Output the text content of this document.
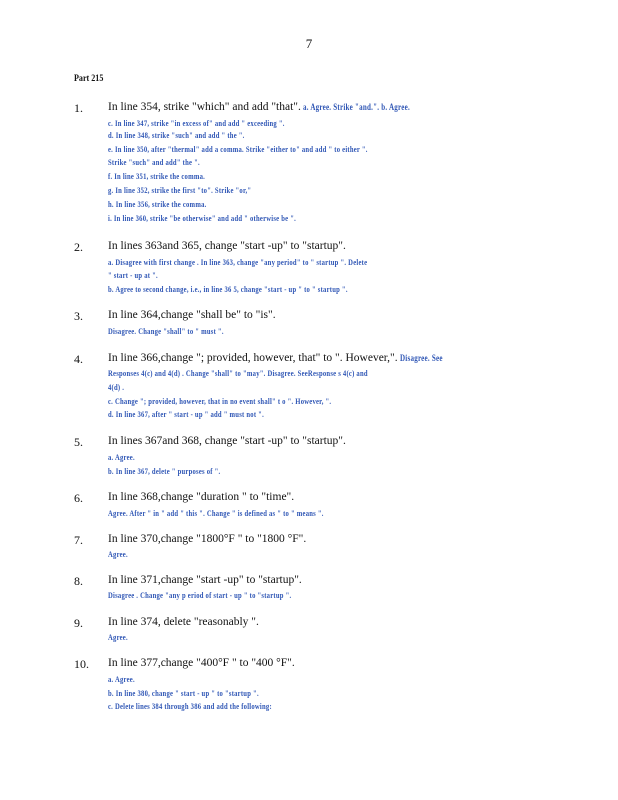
7
Part 215
1. In line 354, strike "which" and add "that".a. Agree. Strike "and.". b. Agree.
c. In line 347, strike "in excess of" and add " exceeding ".
d. In line 348, strike "such" and add " the ".
e. In line 350, after "thermal" add a comma. Strike "either to" and add " to either ".
Strike "such" and add" the ".
f. In line 351, strike the comma.
g. In line 352, strike the first "to". Strike "or,"
h. In line 356, strike the comma.
i. In line 360, strike "be otherwise" and add " otherwise be ".
2. In lines 363and 365, change "start -up" to "startup".
a. Disagree with first change . In line 363, change "any period" to " startup ". Delete
" start - up at ".
b. Agree to second change, i.e., in line 36 5, change "start - up " to " startup ".
3. In line 364,change "shall be" to "is".
Disagree. Change "shall" to " must ".
4. In line 366,change "; provided, however, that" to ". However,".Disagree. See
Responses 4(c) and 4(d) . Change "shall" to "may". Disagree. SeeResponse s 4(c) and
4(d) .
c. Change "; provided, however, that in no event shall" t o ". However, ".
d. In line 367, after " start - up " add " must not ".
5. In lines 367and 368, change "start -up" to "startup".
a. Agree.
b. In line 367, delete " purposes of ".
6. In line 368,change "duration " to "time".
Agree. After " in " add " this ". Change " is defined as " to " means ".
7. In line 370,change "1800°F " to "1800 °F".
Agree.
8. In line 371,change "start -up" to "startup".
Disagree . Change "any p eriod of start - up " to "startup ".
9. In line 374, delete "reasonably ".
Agree.
10. In line 377,change "400°F " to "400 °F".
a. Agree.
b. In line 380, change " start - up " to "startup ".
c. Delete lines 384 through 386 and add the following:
